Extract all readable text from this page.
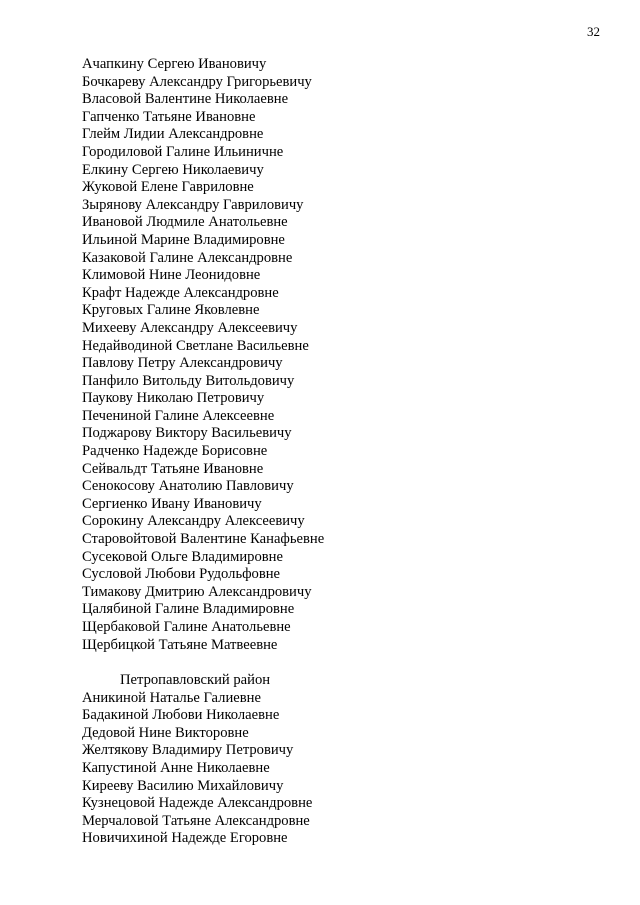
32
Ачапкину Сергею Ивановичу
Бочкареву Александру Григорьевичу
Власовой Валентине Николаевне
Гапченко Татьяне Ивановне
Глейм Лидии Александровне
Городиловой Галине Ильиничне
Елкину Сергею Николаевичу
Жуковой Елене Гавриловне
Зырянову Александру Гавриловичу
Ивановой Людмиле Анатольевне
Ильиной Марине Владимировне
Казаковой Галине Александровне
Климовой Нине Леонидовне
Крафт Надежде Александровне
Круговых Галине Яковлевне
Михееву Александру Алексеевичу
Недайводиной Светлане Васильевне
Павлову Петру Александровичу
Панфило Витольду Витольдовичу
Паукову Николаю Петровичу
Печениной Галине Алексеевне
Поджарову Виктору Васильевичу
Радченко Надежде Борисовне
Сейвальдт Татьяне Ивановне
Сенокосову Анатолию Павловичу
Сергиенко Ивану Ивановичу
Сорокину Александру Алексеевичу
Старовойтовой Валентине Канафьевне
Сусековой Ольге Владимировне
Сусловой Любови Рудольфовне
Тимакову Дмитрию Александровичу
Цалябиной Галине Владимировне
Щербаковой Галине Анатольевне
Щербицкой Татьяне Матвеевне
Петропавловский район
Аникиной Наталье Галиевне
Бадакиной Любови Николаевне
Дедовой Нине Викторовне
Желтякову Владимиру Петровичу
Капустиной Анне Николаевне
Кирееву Василию Михайловичу
Кузнецовой Надежде Александровне
Мерчаловой Татьяне Александровне
Новичихиной Надежде Егоровне
